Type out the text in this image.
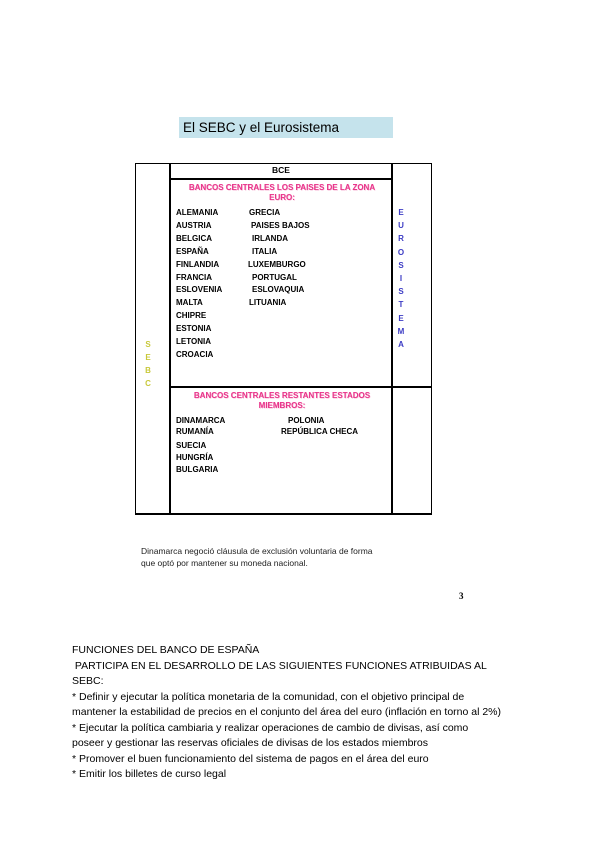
El SEBC y el Eurosistema
BCE
BANCOS CENTRALES LOS PAISES DE LA ZONA
EURO:
ALEMANIA
AUSTRIA
BELGICA
ESPAÑA
FINLANDIA
FRANCIA
ESLOVENIA
MALTA
CHIPRE
ESTONIA
LETONIA
CROACIA
GRECIA
PAISES BAJOS
IRLANDA
ITALIA
LUXEMBURGO
PORTUGAL
ESLOVAQUIA
LITUANIA
BANCOS CENTRALES RESTANTES ESTADOS
MIEMBROS:
DINAMARCA
RUMANÍA
SUECIA
HUNGRÍA
BULGARIA
POLONIA
REPÚBLICA CHECA
E
U
R
O
S
I
S
T
E
M
A
S
E
B
C
Dinamarca negoció cláusula de exclusión voluntaria de forma
que optó por mantener su moneda nacional.
3
FUNCIONES DEL BANCO DE ESPAÑA
PARTICIPA EN EL DESARROLLO DE LAS SIGUIENTES FUNCIONES ATRIBUIDAS AL
SEBC:
* Definir y ejecutar la política monetaria de la comunidad, con el objetivo principal de
mantener la estabilidad de precios en el conjunto del área del euro (inflación en torno al 2%)
* Ejecutar la política cambiaria y realizar operaciones de cambio de divisas, así como
poseer y gestionar las reservas oficiales de divisas de los estados miembros
* Promover el buen funcionamiento del sistema de pagos en el área del euro
* Emitir los billetes de curso legal
